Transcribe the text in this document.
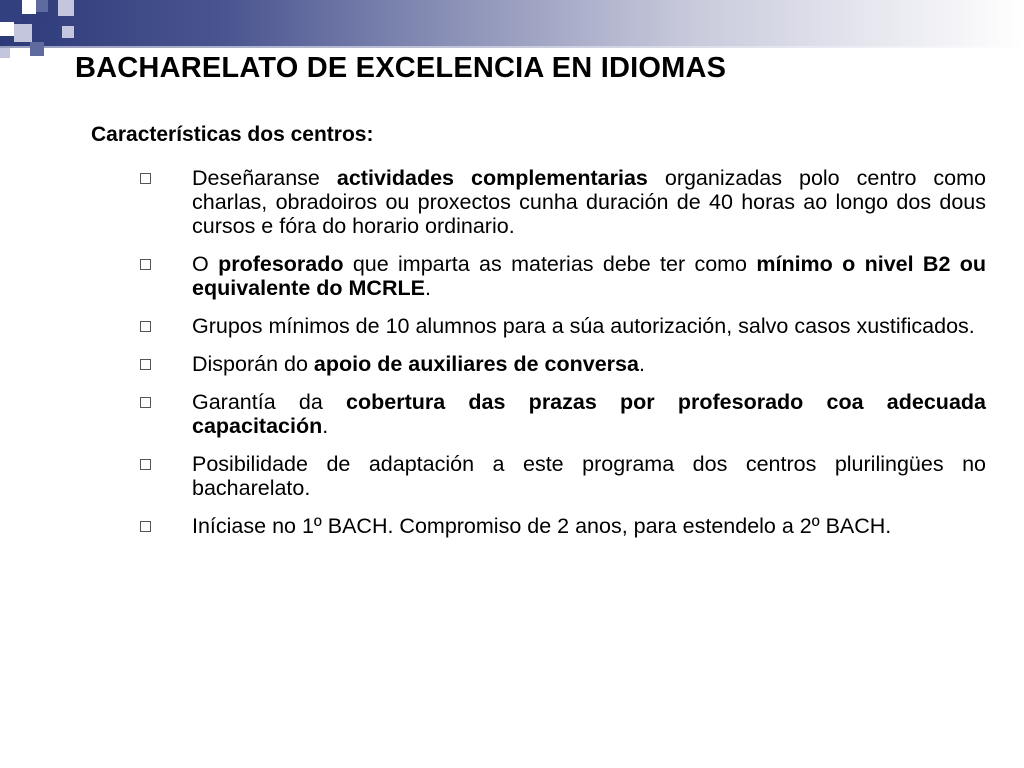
BACHARELATO DE EXCELENCIA EN IDIOMAS
Características dos centros:
Deseñaranse actividades complementarias organizadas polo centro como charlas, obradoiros ou proxectos cunha duración de 40 horas ao longo dos dous cursos e fóra do horario ordinario.
O profesorado que imparta as materias debe ter como mínimo o nivel B2 ou equivalente do MCRLE.
Grupos mínimos de 10 alumnos para a súa autorización, salvo casos xustificados.
Disporán do apoio de auxiliares de conversa.
Garantía da cobertura das prazas por profesorado coa adecuada capacitación.
Posibilidade de adaptación a este programa dos centros plurilingües no bacharelato.
Iníciase no 1º BACH. Compromiso de 2 anos, para estendelo a 2º BACH.
